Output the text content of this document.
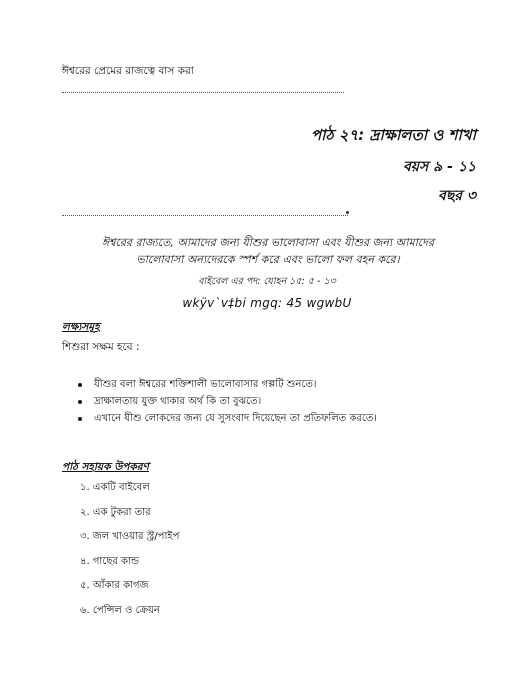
ঈশ্বরের প্রেমের রাজত্বে বাস করা
পাঠ ২৭: দ্রাক্ষালতা ও শাখা
বয়স ৯ - ১১
বছর ৩
ঈশ্বরের রাজ্যতে, আমাদের জন্য যীশুর ভালোবাসা এবং যীশুর জন্য আমাদের
ভালোবাসা অন্যদেরকে স্পর্শ করে এবং ভালো ফল বহন করে।
বাইবেল এর পদ: যোহন ১৫: ৫ - ১৩
wkÿv`v‡bi mgq: 45 wgwbU
লক্ষ্যসমূহ
শিশুরা সক্ষম হবে :
যীশুর বলা ঈশ্বরের শক্তিশালী ভালোবাসার গল্পটি শুনতে।
দ্রাক্ষালতায় যুক্ত থাকার অর্থ কি তা বুঝতে।
এখানে যীশু লোকদের জন্য যে সুসংবাদ দিয়েছেন তা প্রতিফলিত করতে।
পাঠ সহায়ক উপকরণ
১. একটি বাইবেল
২. এক টুকরা তার
৩. জল খাওয়ার স্ট্র/পাইপ
৪. গাছের কান্ড
৫. আঁকার কাগজ
৬. পেন্সিল ও ক্রেয়ন
